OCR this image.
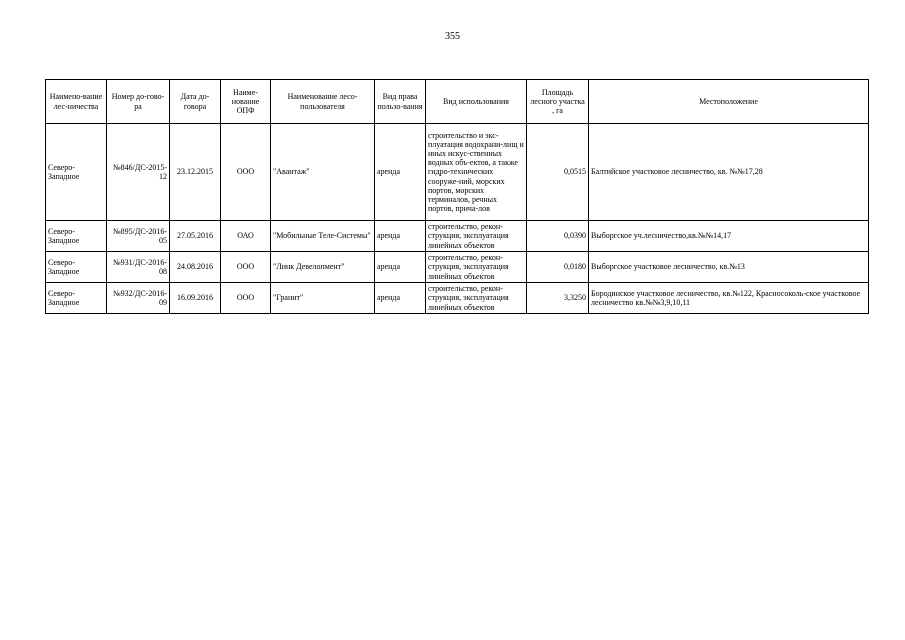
355
Наимено-вание лес-ничества	Номер до-гово-ра	Дата до-говора	Наиме-нование ОПФ	Наименование лесо-пользователя	Вид права пользо-вания	Вид использования	Площадь лесного участка , га	Местоположение
Северо-Западное	№846/ДС-2015-12	23.12.2015	ООО	"Авантаж"	аренда	строительство и экс-плуатация водохрани-лищ и иных искус-ственных водных объ-ектов, а также гидро-технических сооруже-ний, морских портов, морских терминалов, речных портов, прича-лов	0,0515	Балтийское участковое лесничество, кв. №№17,28
Северо-Западное	№895/ДС-2016-05	27.05.2016	ОАО	"Мобильные Теле-Системы"	аренда	строительство, рекон-струкция, эксплуатация линейных объектов	0,0390	Выборгское уч.лесничество,кв.№№14,17
Северо-Западное	№931/ДС-2016-08	24.08.2016	ООО	"Линк Девелопмент"	аренда	строительство, рекон-струкция, эксплуатация линейных объектов	0,0180	Выборгское участковое лесничество, кв.№13
Северо-Западное	№932/ДС-2016-09	16.09.2016	ООО	"Гранит"	аренда	строительство, рекон-струкция, эксплуатация линейных объектов	3,3250	Бородинское участковое лесничество, кв.№122, Красносоколь-ское участковое лесничество кв.№№3,9,10,11
